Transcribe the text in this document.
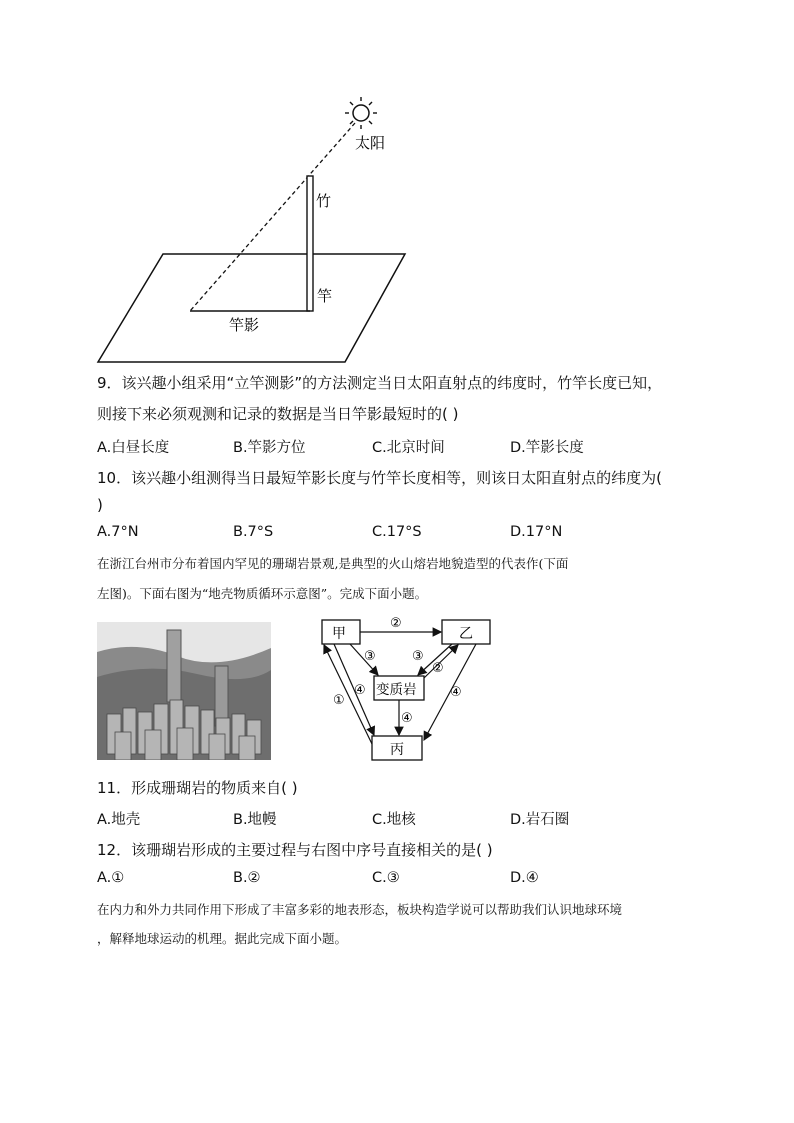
太阳
竹
竿
竿影
9．该兴趣小组采用“立竿测影”的方法测定当日太阳直射点的纬度时，竹竿长度已知，
则接下来必须观测和记录的数据是当日竿影最短时的( )
A.白昼长度	B.竿影方位	C.北京时间	D.竿影长度
10．该兴趣小组测得当日最短竿影长度与竹竿长度相等，则该日太阳直射点的纬度为(
)
A.7°N	B.7°S	C.17°S	D.17°N
在浙江台州市分布着国内罕见的珊瑚岩景观,是典型的火山熔岩地貌造型的代表作(下面
左图)。下面右图为“地壳物质循环示意图”。完成下面小题。
甲	乙
变质岩
丙
②
③	③
②
④
①
④
④
11．形成珊瑚岩的物质来自( )
A.地壳	B.地幔	C.地核	D.岩石圈
12．该珊瑚岩形成的主要过程与右图中序号直接相关的是( )
A.①	B.②	C.③	D.④
在内力和外力共同作用下形成了丰富多彩的地表形态，板块构造学说可以帮助我们认识地球环境
，解释地球运动的机理。据此完成下面小题。
